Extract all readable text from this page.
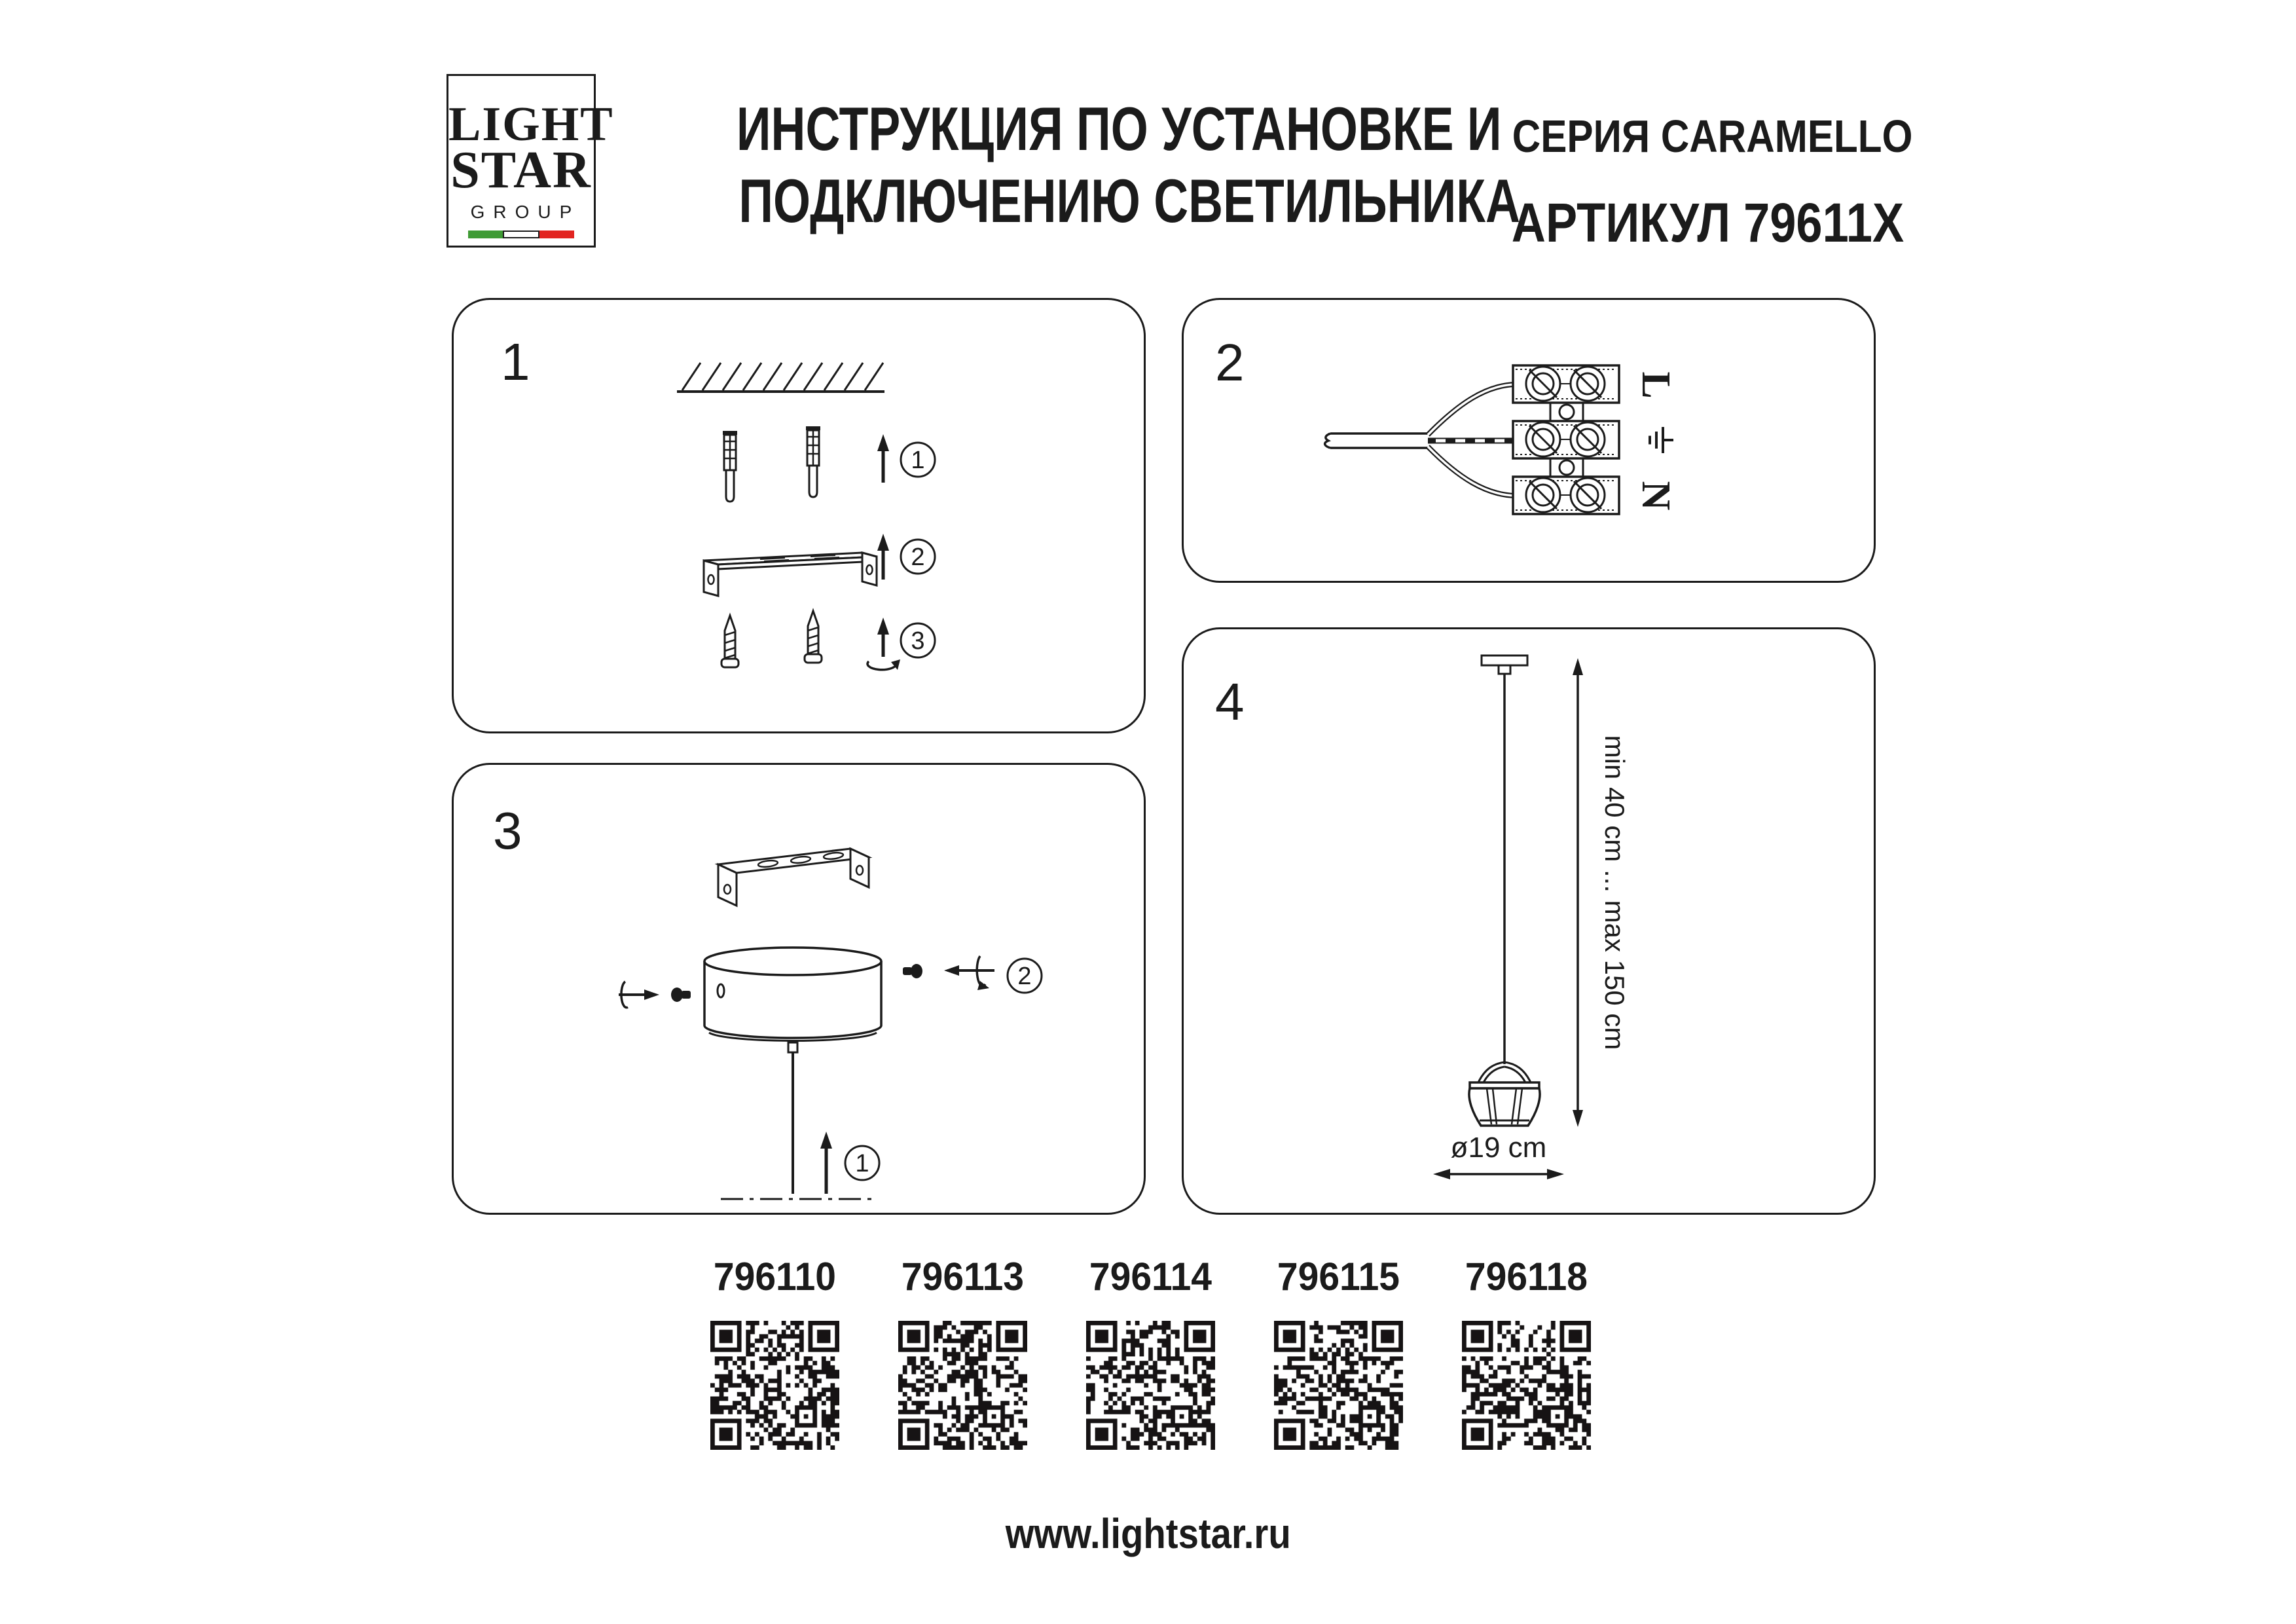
LIGHT
STAR
GROUP
ИНСТРУКЦИЯ ПО УСТАНОВКЕ И
ПОДКЛЮЧЕНИЮ СВЕТИЛЬНИКА
СЕРИЯ CARAMELLO
АРТИКУЛ 79611X
1
1
2
3
2	L
N
3
2
1
4
min 40 cm ... max 150 cm
ø19 cm
796110 796113 796114 796115 796118
www.lightstar.ru
